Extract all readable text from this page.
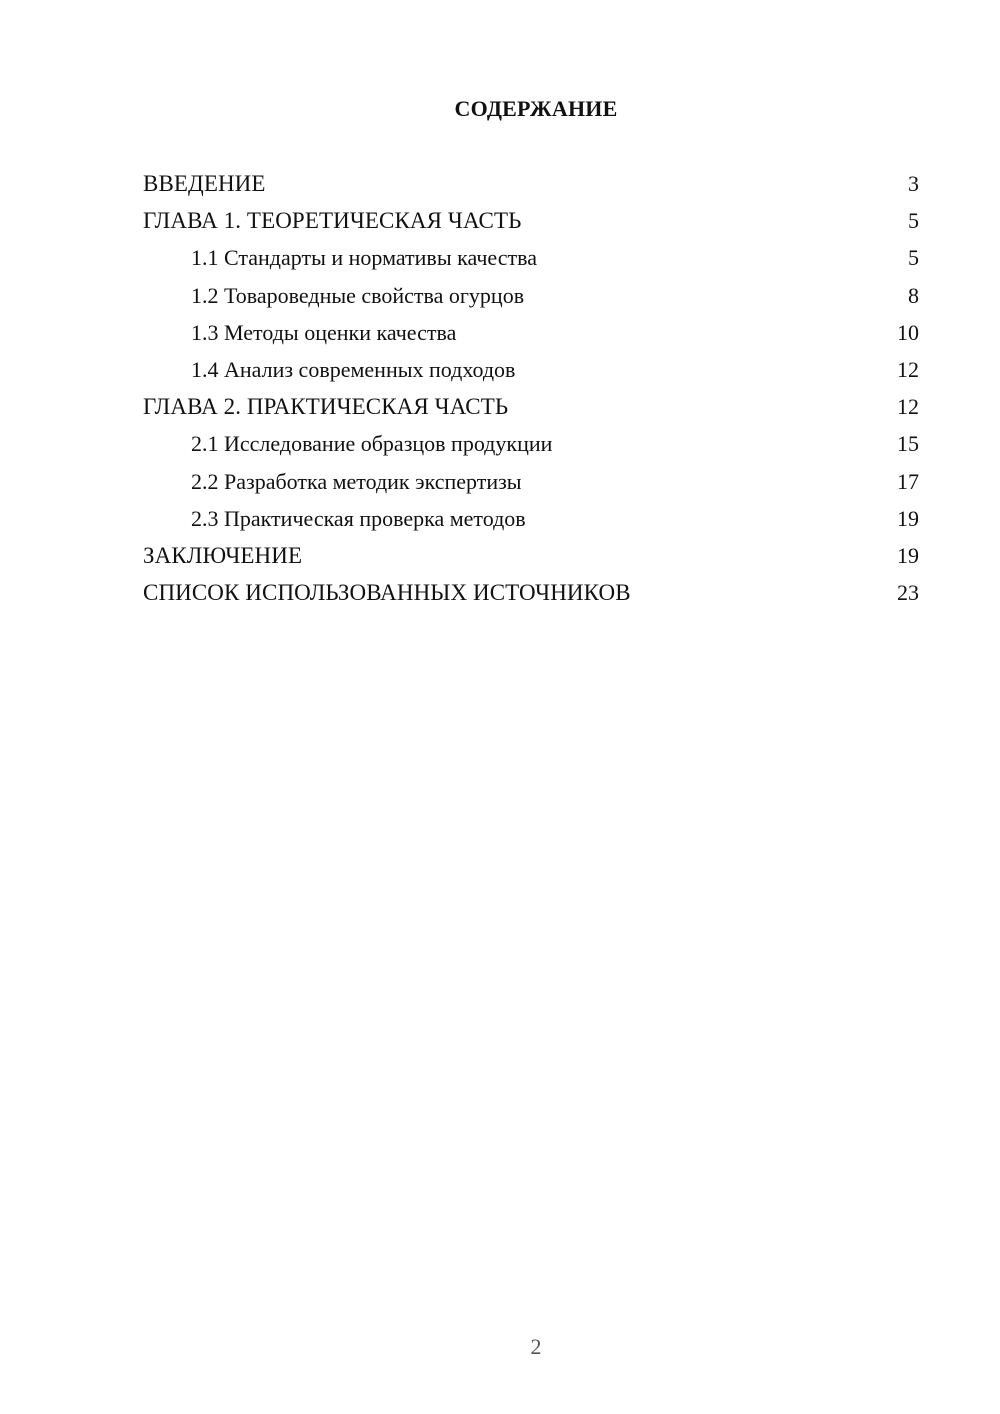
СОДЕРЖАНИЕ
ВВЕДЕНИЕ	3
ГЛАВА 1. ТЕОРЕТИЧЕСКАЯ ЧАСТЬ	5
1.1 Стандарты и нормативы качества	5
1.2 Товароведные свойства огурцов	8
1.3 Методы оценки качества	10
1.4 Анализ современных подходов	12
ГЛАВА 2. ПРАКТИЧЕСКАЯ ЧАСТЬ	12
2.1 Исследование образцов продукции	15
2.2 Разработка методик экспертизы	17
2.3 Практическая проверка методов	19
ЗАКЛЮЧЕНИЕ	19
СПИСОК ИСПОЛЬЗОВАННЫХ ИСТОЧНИКОВ	23
2
